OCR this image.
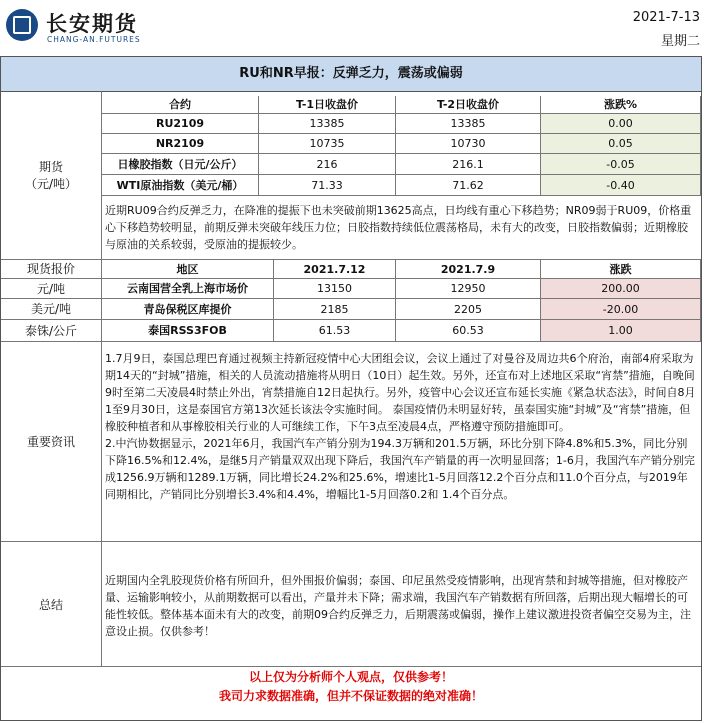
长安期货
CHANG-AN.FUTURES
2021-7-13
星期二
RU和NR早报：反弹乏力，震荡或偏弱
期货
（元/吨）
合约	T-1日收盘价	T-2日收盘价	涨跌%
RU2109	13385	13385	0.00
NR2109	10735	10730	0.05
日橡胶指数（日元/公斤）	216	216.1	-0.05
WTI原油指数（美元/桶）	71.33	71.62	-0.40
近期RU09合约反弹乏力，在降准的提振下也未突破前期13625高点，日均线有重心下移趋势；NR09弱于RU09，价格重心下移趋势较明显，前期反弹未突破年线压力位；日胶指数持续低位震荡格局，未有大的改变，日胶指数偏弱；近期橡胶与原油的关系较弱，受原油的提振较少。
现货报价	地区	2021.7.12	2021.7.9	涨跌
元/吨	云南国营全乳上海市场价	13150	12950	200.00
美元/吨	青岛保税区库提价	2185	2205	-20.00
泰铢/公斤	泰国RSS3FOB	61.53	60.53	1.00
重要资讯
1.7月9日，泰国总理巴育通过视频主持新冠疫情中心大团组会议，会议上通过了对曼谷及周边共6个府治，南部4府采取为期14天的“封城”措施，相关的人员流动措施将从明日（10日）起生效。另外，还宣布对上述地区采取“宵禁”措施，自晚间9时至第二天凌晨4时禁止外出，宵禁措施自12日起执行。另外，疫管中心会议还宣布延长实施《紧急状态法》，时间自8月1至9月30日，这是泰国官方第13次延长该法令实施时间。 泰国疫情仍未明显好转，虽泰国实施“封城”及“宵禁”措施，但橡胶种植者和从事橡胶相关行业的人可继续工作，下午3点至凌晨4点，严格遵守预防措施即可。
2.中汽协数据显示，2021年6月，我国汽车产销分别为194.3万辆和201.5万辆，环比分别下降4.8%和5.3%，同比分别下降16.5%和12.4%，是继5月产销量双双出现下降后，我国汽车产销量的再一次明显回落；1-6月，我国汽车产销分别完成1256.9万辆和1289.1万辆，同比增长24.2%和25.6%，增速比1-5月回落12.2个百分点和11.0个百分点，与2019年同期相比，产销同比分别增长3.4%和4.4%，增幅比1-5月回落0.2和 1.4个百分点。
总结
近期国内全乳胶现货价格有所回升，但外围报价偏弱；泰国、印尼虽然受疫情影响，出现宵禁和封城等措施，但对橡胶产量、运输影响较小，从前期数据可以看出，产量并未下降；需求端，我国汽车产销数据有所回落，后期出现大幅增长的可能性较低。整体基本面未有大的改变，前期09合约反弹乏力，后期震荡或偏弱，操作上建议激进投资者偏空交易为主，注意设止损。仅供参考！
以上仅为分析师个人观点，仅供参考！
我司力求数据准确，但并不保证数据的绝对准确！
